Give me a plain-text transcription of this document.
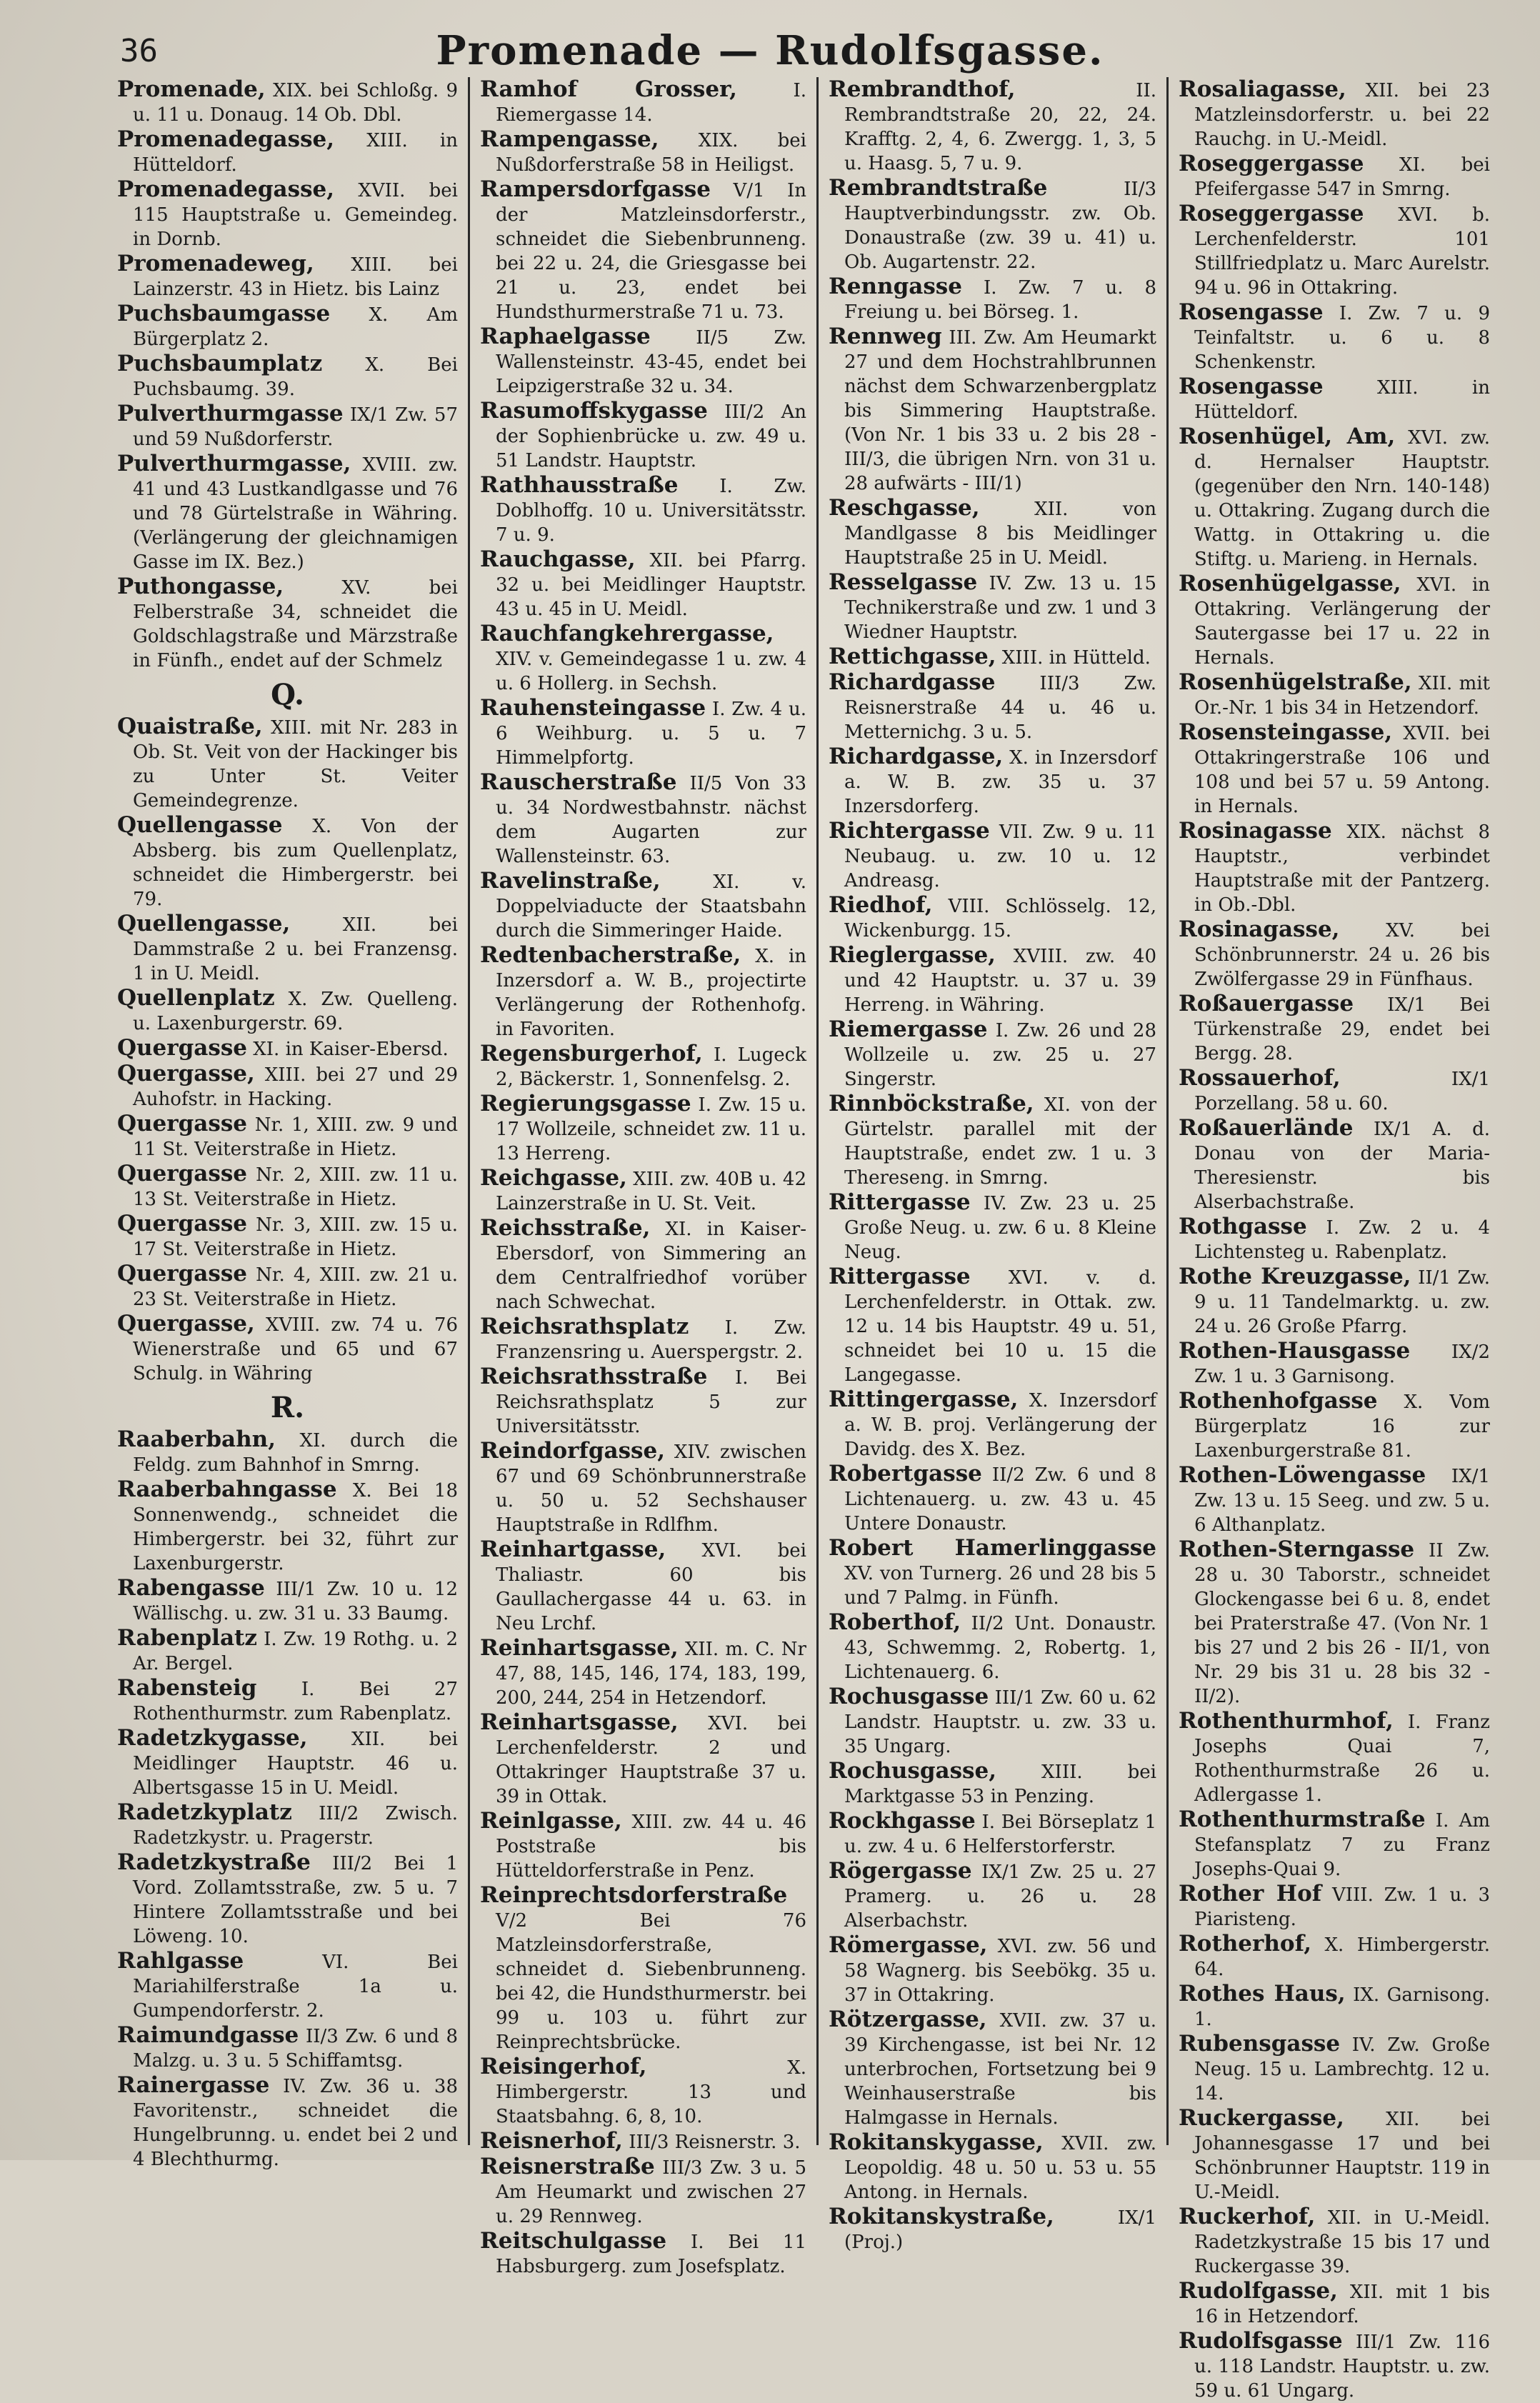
36	Promenade — Rudolfsgasse.

Promenade, XIX. bei Schloßg. 9 u. 11 u. Donaug. 14 Ob. Dbl.

Promenadegasse, XIII. in Hütteldorf.

Promenadegasse, XVII. bei 115 Hauptstraße u. Gemeindeg. in Dornb.

Promenadeweg, XIII. bei Lainzerstr. 43 in Hietz. bis Lainz

Puchsbaumgasse X. Am Bürgerplatz 2.

Puchsbaumplatz X. Bei Puchsbaumg. 39.

Pulverthurmgasse IX/1 Zw. 57 und 59 Nußdorferstr.

Pulverthurmgasse, XVIII. zw. 41 und 43 Lustkandlgasse und 76 und 78 Gürtelstraße in Währing. (Verlängerung der gleichnamigen Gasse im IX. Bez.)

Puthongasse,	XV. bei Felberstraße 34, schneidet die Goldschlagstraße und Märzstraße in Fünfh., endet auf der Schmelz

Q.

Quaistraße, XIII. mit Nr. 283 in Ob. St. Veit von der Hackinger bis zu Unter St. Veiter Gemeindegrenze.

Quellengasse X. Von der Absberg. bis zum Quellenplatz, schneidet die Himbergerstr. bei 79.

Quellengasse,	XII. bei Dammstraße 2 u. bei Franzensg. 1 in U. Meidl.

Quellenplatz X. Zw. Quelleng. u. Laxenburgerstr. 69.

Quergasse XI. in Kaiser-Ebersd.

Quergasse, XIII. bei 27 und 29 Auhofstr. in Hacking.

Quergasse Nr. 1, XIII. zw. 9 und 11 St. Veiterstraße in Hietz.

Quergasse Nr. 2, XIII. zw. 11 u. 13 St. Veiterstraße in Hietz.

Quergasse Nr. 3, XIII. zw. 15 u. 17 St. Veiterstraße in Hietz.

Quergasse Nr. 4, XIII. zw. 21 u. 23 St. Veiterstraße in Hietz.

Quergasse, XVIII. zw. 74 u. 76 Wienerstraße und 65 und 67 Schulg. in Währing

R.

Raaberbahn, XI. durch die Feldg. zum Bahnhof in Smrng.

Raaberbahngasse X. Bei 18 Sonnenwendg., schneidet die Himbergerstr. bei 32, führt zur Laxenburgerstr.

Rabengasse III/1 Zw. 10 u. 12 Wällischg. u. zw. 31 u. 33 Baumg.

Rabenplatz I. Zw. 19 Rothg. u. 2 Ar. Bergel.

Rabensteig I. Bei 27 Rothenthurmstr. zum Rabenplatz.

Radetzkygasse, XII. bei Meidlinger Hauptstr. 46 u. Albertsgasse 15 in U. Meidl.

Radetzkyplatz III/2 Zwisch. Radetzkystr. u. Pragerstr.

Radetzkystraße III/2 Bei 1 Vord. Zollamtsstraße, zw. 5 u. 7 Hintere Zollamtsstraße und bei Löweng. 10.

Rahlgasse	VI. Bei Mariahilferstraße 1a u. Gumpendorferstr. 2.

Raimundgasse II/3 Zw. 6 und 8 Malzg. u. 3 u. 5 Schiffamtsg.

Rainergasse IV. Zw. 36 u. 38 Favoritenstr., schneidet die Hungelbrunng. u. endet bei 2 und 4 Blechthurmg.

Ramhof Grosser,	I. Riemergasse 14.

Rampengasse, XIX. bei Nußdorferstraße 58 in Heiligst.

Rampersdorfgasse V/1 In der Matzleinsdorferstr., schneidet die Siebenbrunneng. bei 22 u. 24, die Griesgasse bei 21 u. 23, endet bei Hundsthurmerstraße 71 u. 73.

Raphaelgasse II/5 Zw. Wallensteinstr. 43-45, endet bei Leipzigerstraße 32 u. 34.

Rasumoffskygasse III/2 An der Sophienbrücke u. zw. 49 u. 51 Landstr. Hauptstr.

Rathhausstraße I. Zw. Doblhoffg. 10 u. Universitätsstr. 7 u. 9.

Rauchgasse, XII. bei Pfarrg. 32 u. bei Meidlinger Hauptstr. 43 u. 45 in U. Meidl.

Rauchfangkehrergasse, XIV. v. Gemeindegasse 1 u. zw. 4 u. 6 Hollerg. in Sechsh.

Rauhensteingasse I. Zw. 4 u. 6 Weihburg. u. 5 u. 7 Himmelpfortg.

Rauscherstraße II/5 Von 33 u. 34 Nordwestbahnstr. nächst dem Augarten zur Wallensteinstr. 63.

Ravelinstraße,	XI. v. Doppelviaducte der Staatsbahn durch die Simmeringer Haide.

Redtenbacherstraße, X. in Inzersdorf a. W. B., projectirte Verlängerung der Rothenhofg. in Favoriten.

Regensburgerhof, I. Lugeck 2, Bäckerstr. 1, Sonnenfelsg. 2.

Regierungsgasse I. Zw. 15 u. 17 Wollzeile, schneidet zw. 11 u. 13 Herreng.

Reichgasse, XIII. zw. 40B u. 42 Lainzerstraße in U. St. Veit.

Reichsstraße, XI. in Kaiser-Ebersdorf, von Simmering an dem Centralfriedhof vorüber nach Schwechat.

Reichsrathsplatz I. Zw. Franzensring u. Auerspergstr. 2.

Reichsrathsstraße I. Bei Reichsrathsplatz 5 zur Universitätsstr.

Reindorfgasse, XIV. zwischen 67 und 69 Schönbrunnerstraße u. 50 u. 52 Sechshauser Hauptstraße in Rdlfhm.

Reinhartgasse, XVI. bei Thaliastr. 60 bis Gaullachergasse 44 u. 63. in Neu Lrchf.

Reinhartsgasse, XII. m. C. Nr 47, 88, 145, 146, 174, 183, 199, 200, 244, 254 in Hetzendorf.

Reinhartsgasse, XVI. bei Lerchenfelderstr. 2 und Ottakringer Hauptstraße 37 u. 39 in Ottak.

Reinlgasse, XIII. zw. 44 u. 46 Poststraße bis Hütteldorferstraße in Penz.

Reinprechtsdorferstraße V/2 Bei 76 Matzleinsdorferstraße, schneidet d. Siebenbrunneng. bei 42, die Hundsthurmerstr. bei 99 u. 103 u. führt zur Reinprechtsbrücke.

Reisingerhof,	X. Himbergerstr. 13 und Staatsbahng. 6, 8, 10.

Reisnerhof, III/3 Reisnerstr. 3.

Reisnerstraße III/3 Zw. 3 u. 5 Am Heumarkt und zwischen 27 u. 29 Rennweg.

Reitschulgasse I. Bei 11 Habsburgerg. zum Josefsplatz.

Rembrandthof,	II. Rembrandtstraße 20, 22, 24. Krafftg. 2, 4, 6. Zwergg. 1, 3, 5 u. Haasg. 5, 7 u. 9.

Rembrandtstraße	II/3 Hauptverbindungsstr. zw. Ob. Donaustraße (zw. 39 u. 41) u. Ob. Augartenstr. 22.

Renngasse I. Zw. 7 u. 8 Freiung u. bei Börseg. 1.

Rennweg III. Zw. Am Heumarkt 27 und dem Hochstrahlbrunnen nächst dem Schwarzenbergplatz bis Simmering Hauptstraße. (Von Nr. 1 bis 33 u. 2 bis 28 - III/3, die übrigen Nrn. von 31 u. 28 aufwärts - III/1)

Reschgasse,	XII. von Mandlgasse 8 bis Meidlinger Hauptstraße 25 in U. Meidl.

Resselgasse IV. Zw. 13 u. 15 Technikerstraße und zw. 1 und 3 Wiedner Hauptstr.

Rettichgasse, XIII. in Hütteld.

Richardgasse III/3 Zw. Reisnerstraße 44 u. 46 u. Metternichg. 3 u. 5.

Richardgasse, X. in Inzersdorf a. W. B. zw. 35 u. 37 Inzersdorferg.

Richtergasse VII. Zw. 9 u. 11 Neubaug. u. zw. 10 u. 12 Andreasg.

Riedhof, VIII. Schlösselg. 12, Wickenburgg. 15.

Rieglergasse, XVIII. zw. 40 und 42 Hauptstr. u. 37 u. 39 Herreng. in Währing.

Riemergasse I. Zw. 26 und 28 Wollzeile u. zw. 25 u. 27 Singerstr.

Rinnböckstraße, XI. von der Gürtelstr. parallel mit der Hauptstraße, endet zw. 1 u. 3 Thereseng. in Smrng.

Rittergasse IV. Zw. 23 u. 25 Große Neug. u. zw. 6 u. 8 Kleine Neug.

Rittergasse XVI. v. d. Lerchenfelderstr. in Ottak. zw. 12 u. 14 bis Hauptstr. 49 u. 51, schneidet bei 10 u. 15 die Langegasse.

Rittingergasse, X. Inzersdorf a. W. B. proj. Verlängerung der Davidg. des X. Bez.

Robertgasse II/2 Zw. 6 und 8 Lichtenauerg. u. zw. 43 u. 45 Untere Donaustr.

Robert Hamerlinggasse XV. von Turnerg. 26 und 28 bis 5 und 7 Palmg. in Fünfh.

Roberthof, II/2 Unt. Donaustr. 43, Schwemmg. 2, Robertg. 1, Lichtenauerg. 6.

Rochusgasse III/1 Zw. 60 u. 62 Landstr. Hauptstr. u. zw. 33 u. 35 Ungarg.

Rochusgasse, XIII. bei Marktgasse 53 in Penzing.

Rockhgasse I. Bei Börseplatz 1 u. zw. 4 u. 6 Helferstorferstr.

Rögergasse IX/1 Zw. 25 u. 27 Pramerg. u. 26 u. 28 Alserbachstr.

Römergasse, XVI. zw. 56 und 58 Wagnerg. bis Seebökg. 35 u. 37 in Ottakring.

Rötzergasse, XVII. zw. 37 u. 39 Kirchengasse, ist bei Nr. 12 unterbrochen, Fortsetzung bei 9 Weinhauserstraße bis Halmgasse in Hernals.

Rokitanskygasse, XVII. zw. Leopoldig. 48 u. 50 u. 53 u. 55 Antong. in Hernals.

Rokitanskystraße,	IX/1 (Proj.)

Rosaliagasse, XII. bei 23 Matzleinsdorferstr. u. bei 22 Rauchg. in U.-Meidl.

Roseggergasse XI. bei Pfeifergasse 547 in Smrng.

Roseggergasse XVI. b. Lerchenfelderstr. 101 Stillfriedplatz u. Marc Aurelstr. 94 u. 96 in Ottakring.

Rosengasse I. Zw. 7 u. 9 Teinfaltstr. u. 6 u. 8 Schenkenstr.

Rosengasse	XIII. in Hütteldorf.

Rosenhügel, Am, XVI. zw. d. Hernalser Hauptstr. (gegenüber den Nrn. 140-148) u. Ottakring. Zugang durch die Wattg. in Ottakring u. die Stiftg. u. Marieng. in Hernals.

Rosenhügelgasse, XVI. in Ottakring. Verlängerung der Sautergasse bei 17 u. 22 in Hernals.

Rosenhügelstraße, XII. mit Or.-Nr. 1 bis 34 in Hetzendorf.

Rosensteingasse, XVII. bei Ottakringerstraße 106 und 108 und bei 57 u. 59 Antong. in Hernals.

Rosinagasse XIX. nächst 8 Hauptstr., verbindet Hauptstraße mit der Pantzerg. in Ob.-Dbl.

Rosinagasse, XV. bei Schönbrunnerstr. 24 u. 26 bis Zwölfergasse 29 in Fünfhaus.

Roßauergasse IX/1 Bei Türkenstraße 29, endet bei Bergg. 28.

Rossauerhof,	IX/1 Porzellang. 58 u. 60.

Roßauerlände IX/1 A. d. Donau von der Maria-Theresienstr. bis Alserbachstraße.

Rothgasse I. Zw. 2 u. 4 Lichtensteg u. Rabenplatz.

Rothe Kreuzgasse, II/1 Zw. 9 u. 11 Tandelmarktg. u. zw. 24 u. 26 Große Pfarrg.

Rothen-Hausgasse IX/2 Zw. 1 u. 3 Garnisong.

Rothenhofgasse X. Vom Bürgerplatz 16 zur Laxenburgerstraße 81.

Rothen-Löwengasse IX/1 Zw. 13 u. 15 Seeg. und zw. 5 u. 6 Althanplatz.

Rothen-Sterngasse II Zw. 28 u. 30 Taborstr., schneidet Glockengasse bei 6 u. 8, endet bei Praterstraße 47. (Von Nr. 1 bis 27 und 2 bis 26 - II/1, von Nr. 29 bis 31 u. 28 bis 32 - II/2).

Rothenthurmhof, I. Franz Josephs Quai 7, Rothenthurmstraße 26 u. Adlergasse 1.

Rothenthurmstraße I. Am Stefansplatz 7 zu Franz Josephs-Quai 9.

Rother Hof VIII. Zw. 1 u. 3 Piaristeng.

Rotherhof, X. Himbergerstr. 64.

Rothes Haus, IX. Garnisong. 1.

Rubensgasse IV. Zw. Große Neug. 15 u. Lambrechtg. 12 u. 14.

Ruckergasse, XII. bei Johannesgasse 17 und bei Schönbrunner Hauptstr. 119 in U.-Meidl.

Ruckerhof, XII. in U.-Meidl. Radetzkystraße 15 bis 17 und Ruckergasse 39.

Rudolfgasse, XII. mit 1 bis 16 in Hetzendorf.

Rudolfsgasse III/1 Zw. 116 u. 118 Landstr. Hauptstr. u. zw. 59 u. 61 Ungarg.
